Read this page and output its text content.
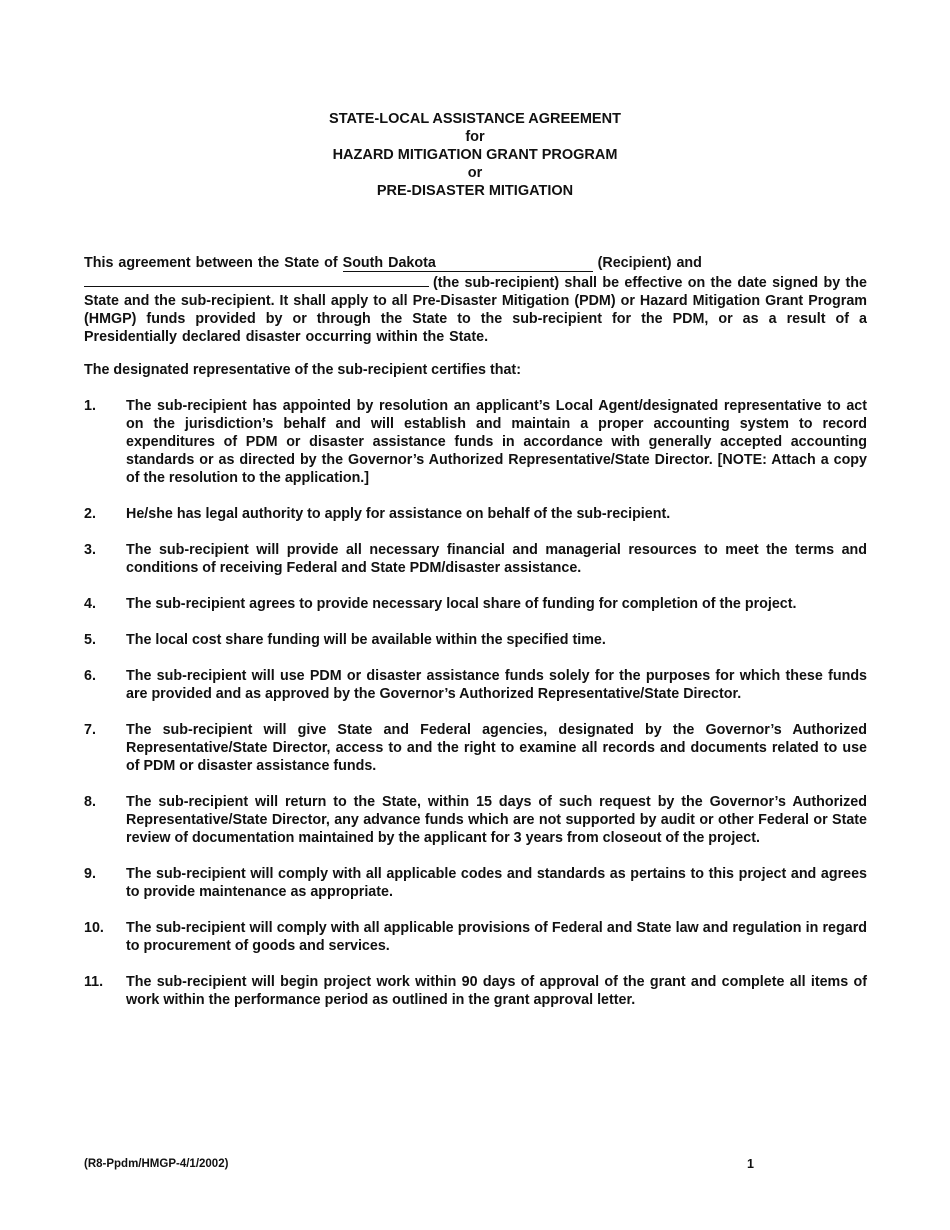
STATE-LOCAL ASSISTANCE AGREEMENT
for
HAZARD MITIGATION GRANT PROGRAM
or
PRE-DISASTER MITIGATION
This agreement between the State of South Dakota	(Recipient) and
(the sub-recipient) shall be effective on the date signed by the State and the sub-recipient. It shall apply to all Pre-Disaster Mitigation (PDM) or Hazard Mitigation Grant Program (HMGP) funds provided by or through the State to the sub-recipient for the PDM, or as a result of a Presidentially declared disaster occurring within the State.
The designated representative of the sub-recipient certifies that:
1.	The sub-recipient has appointed by resolution an applicant’s Local Agent/designated representative to act on the jurisdiction’s behalf and will establish and maintain a proper accounting system to record expenditures of PDM or disaster assistance funds in accordance with generally accepted accounting standards or as directed by the Governor’s Authorized Representative/State Director. [NOTE: Attach a copy of the resolution to the application.]
2.	He/she has legal authority to apply for assistance on behalf of the sub-recipient.
3.	The sub-recipient will provide all necessary financial and managerial resources to meet the terms and conditions of receiving Federal and State PDM/disaster assistance.
4.	The sub-recipient agrees to provide necessary local share of funding for completion of the project.
5.	The local cost share funding will be available within the specified time.
6.	The sub-recipient will use PDM or disaster assistance funds solely for the purposes for which these funds are provided and as approved by the Governor’s Authorized Representative/State Director.
7.	The sub-recipient will give State and Federal agencies, designated by the Governor’s Authorized Representative/State Director, access to and the right to examine all records and documents related to use of PDM or disaster assistance funds.
8.	The sub-recipient will return to the State, within 15 days of such request by the Governor’s Authorized Representative/State Director, any advance funds which are not supported by audit or other Federal or State review of documentation maintained by the applicant for 3 years from closeout of the project.
9.	The sub-recipient will comply with all applicable codes and standards as pertains to this project and agrees to provide maintenance as appropriate.
10.	The sub-recipient will comply with all applicable provisions of Federal and State law and regulation in regard to procurement of goods and services.
11.	The sub-recipient will begin project work within 90 days of approval of the grant and complete all items of work within the performance period as outlined in the grant approval letter.
(R8-Ppdm/HMGP-4/1/2002)	1
